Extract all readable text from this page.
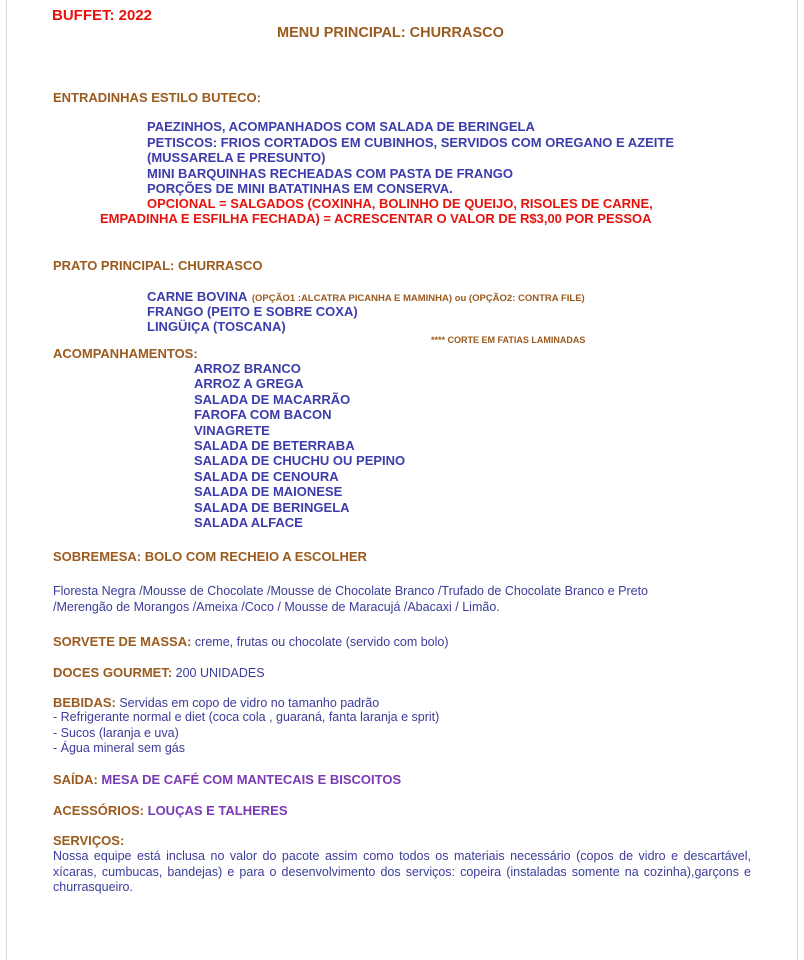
BUFFET: 2022
MENU PRINCIPAL: CHURRASCO
ENTRADINHAS ESTILO BUTECO:
PAEZINHOS, ACOMPANHADOS COM SALADA DE BERINGELA
PETISCOS: FRIOS CORTADOS EM CUBINHOS, SERVIDOS COM OREGANO E AZEITE
(MUSSARELA E PRESUNTO)
MINI BARQUINHAS RECHEADAS COM PASTA DE FRANGO
PORÇÕES DE MINI BATATINHAS EM CONSERVA.
OPCIONAL = SALGADOS (COXINHA, BOLINHO DE QUEIJO, RISOLES DE CARNE,
EMPADINHA E ESFILHA FECHADA) = ACRESCENTAR O VALOR DE R$3,00 POR PESSOA
PRATO PRINCIPAL: CHURRASCO
CARNE BOVINA (OPÇÃO1 :ALCATRA PICANHA E MAMINHA) ou (OPÇÃO2: CONTRA FILE)
FRANGO (PEITO E SOBRE COXA)
LINGÜIÇA (TOSCANA)
**** CORTE EM FATIAS LAMINADAS
ACOMPANHAMENTOS:
ARROZ BRANCO
ARROZ A GREGA
SALADA DE MACARRÃO
FAROFA COM BACON
VINAGRETE
SALADA DE BETERRABA
SALADA DE CHUCHU OU PEPINO
SALADA DE CENOURA
SALADA DE MAIONESE
SALADA DE BERINGELA
SALADA ALFACE
SOBREMESA: BOLO COM RECHEIO A ESCOLHER
Floresta Negra /Mousse de Chocolate /Mousse de Chocolate Branco /Trufado de Chocolate Branco e Preto
/Merengão de Morangos /Ameixa /Coco / Mousse de Maracujá /Abacaxi / Limão.
SORVETE DE MASSA: creme, frutas ou chocolate (servido com bolo)
DOCES GOURMET: 200 UNIDADES
BEBIDAS: Servidas em copo de vidro no tamanho padrão
- Refrigerante normal e diet (coca cola , guaraná, fanta laranja e sprit)
- Sucos (laranja e uva)
- Água mineral sem gás
SAÍDA: MESA DE CAFÉ COM MANTECAIS E BISCOITOS
ACESSÓRIOS: LOUÇAS E TALHERES
SERVIÇOS:
Nossa equipe está inclusa no valor do pacote assim como todos os materiais necessário (copos de vidro e descartável, xícaras, cumbucas, bandejas) e para o desenvolvimento dos serviços: copeira (instaladas somente na cozinha),garçons e churrasqueiro.
